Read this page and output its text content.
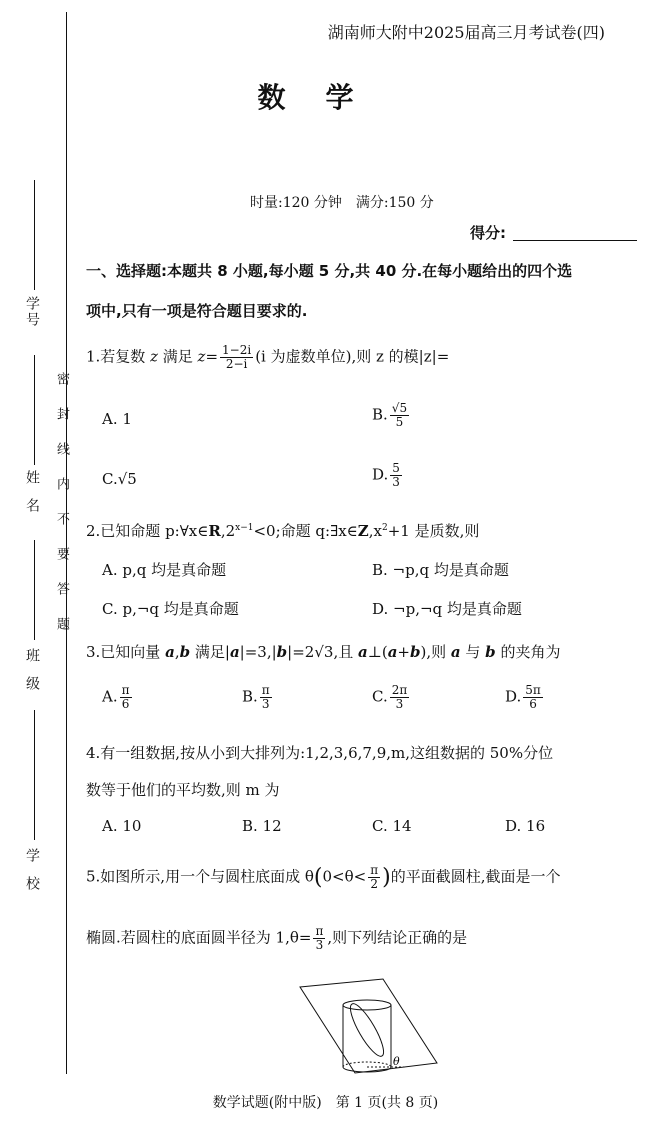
学号
姓名
班级
学校
密封线内不要答题
湖南师大附中2025届高三月考试卷(四)
数学
时量:120 分钟　满分:150 分
得分:
一、选择题:本题共 8 小题,每小题 5 分,共 40 分.在每小题给出的四个选
项中,只有一项是符合题目要求的.
1.若复数 z 满足 $z= \frac{1-2i}{2-i} (i$ 为虚数单位),则 z 的模|z|=
A. 1	B. $\frac{√5}{5}$
C.√5	D. $\frac{5}{3}$
2.已知命题 $p:\forall x\in R,2^{x-1}<0$;命题 $q:\exists x\in Z,x^2+1$ 是质数,则
A. p,q 均是真命题	B. ¬p,q 均是真命题
C. p,¬q 均是真命题	D. ¬p,¬q 均是真命题
3.已知向量 a,b 满足|a|=3,|b|=2√3,且 a⊥(a+b),则 a 与 b 的夹角为
A. $\frac{\pi}{6}$	B. $\frac{\pi}{3}$	C. $\frac{2\pi}{3}$	D. $\frac{5\pi}{6}$
4.有一组数据,按从小到大排列为:1,2,3,6,7,9,m,这组数据的 50%分位
数等于他们的平均数,则 m 为
A. 10	B. 12	C. 14	D. 16
5.如图所示,用一个与圆柱底面成 $\theta(0<\theta< \frac{\pi}{2}$ )的平面截圆柱,截面是一个
椭圆.若圆柱的底面圆半径为 $1,\theta= \frac{\pi}{3}$ ,则下列结论正确的是
θ
数学试题(附中版)　第 1 页(共 8 页)
